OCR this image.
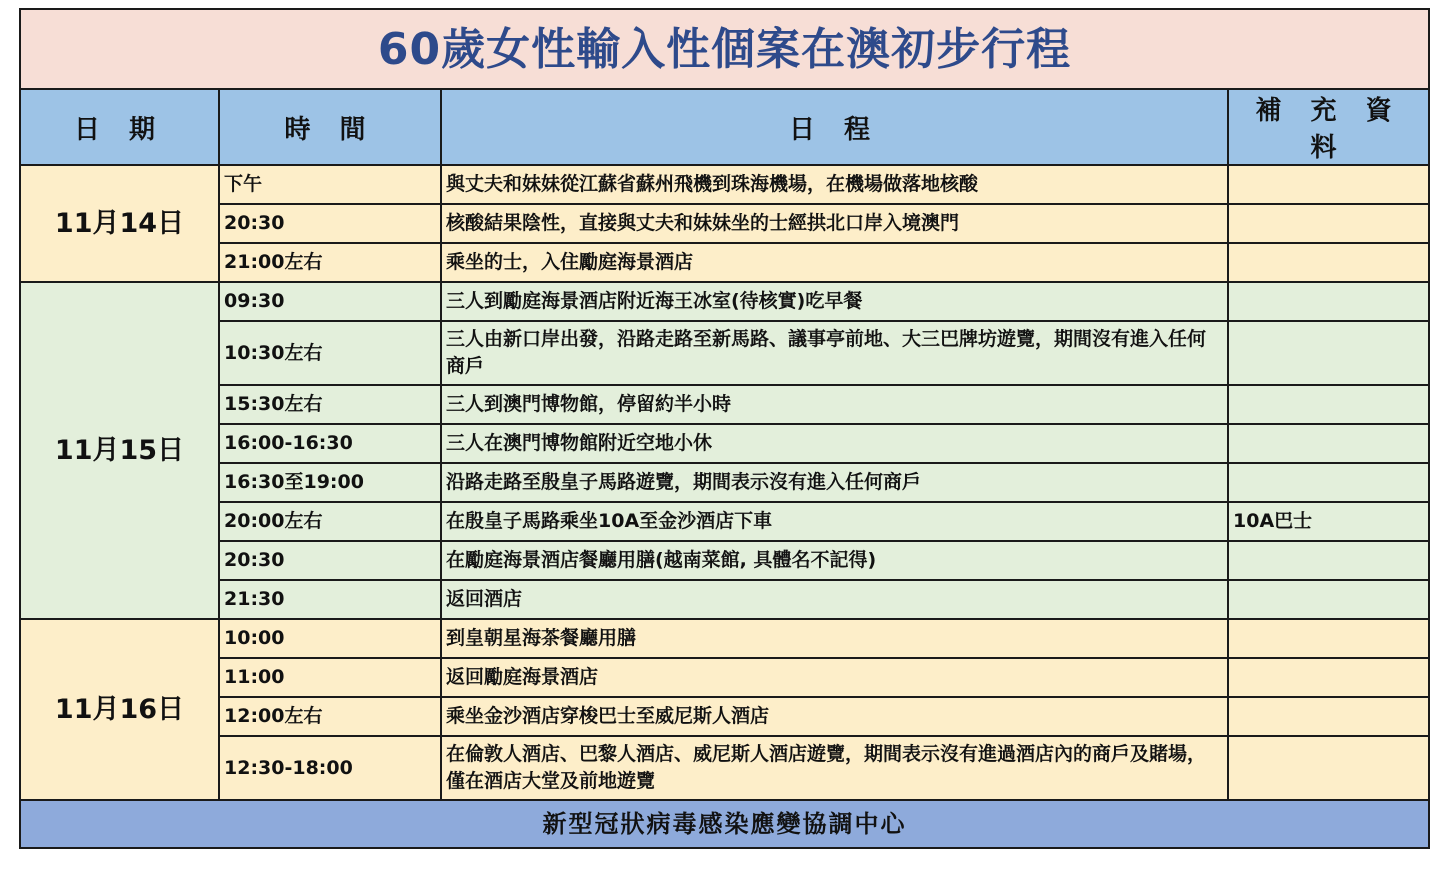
60歲女性輸入性個案在澳初步行程			
日 期	時 間	日 程	補 充 資 料
11月14日	下午	與丈夫和妹妹從江蘇省蘇州飛機到珠海機場，在機場做落地核酸	
	20:30	核酸結果陰性，直接與丈夫和妹妹坐的士經拱北口岸入境澳門	
	21:00左右	乘坐的士，入住勵庭海景酒店	
11月15日	09:30	三人到勵庭海景酒店附近海王冰室(待核實)吃早餐	
	10:30左右	三人由新口岸出發，沿路走路至新馬路、議事亭前地、大三巴牌坊遊覽，期間沒有進入任何商戶	
	15:30左右	三人到澳門博物館，停留約半小時	
	16:00-16:30	三人在澳門博物館附近空地小休	
	16:30至19:00	沿路走路至殷皇子馬路遊覽，期間表示沒有進入任何商戶	
	20:00左右	在殷皇子馬路乘坐10A至金沙酒店下車	10A巴士
	20:30	在勵庭海景酒店餐廳用膳(越南菜館, 具體名不記得)	
	21:30	返回酒店	
11月16日	10:00	到皇朝星海茶餐廳用膳	
	11:00	返回勵庭海景酒店	
	12:00左右	乘坐金沙酒店穿梭巴士至威尼斯人酒店	
	12:30-18:00	在倫敦人酒店、巴黎人酒店、威尼斯人酒店遊覽，期間表示沒有進過酒店內的商戶及賭場，僅在酒店大堂及前地遊覽	
新型冠狀病毒感染應變協調中心			
